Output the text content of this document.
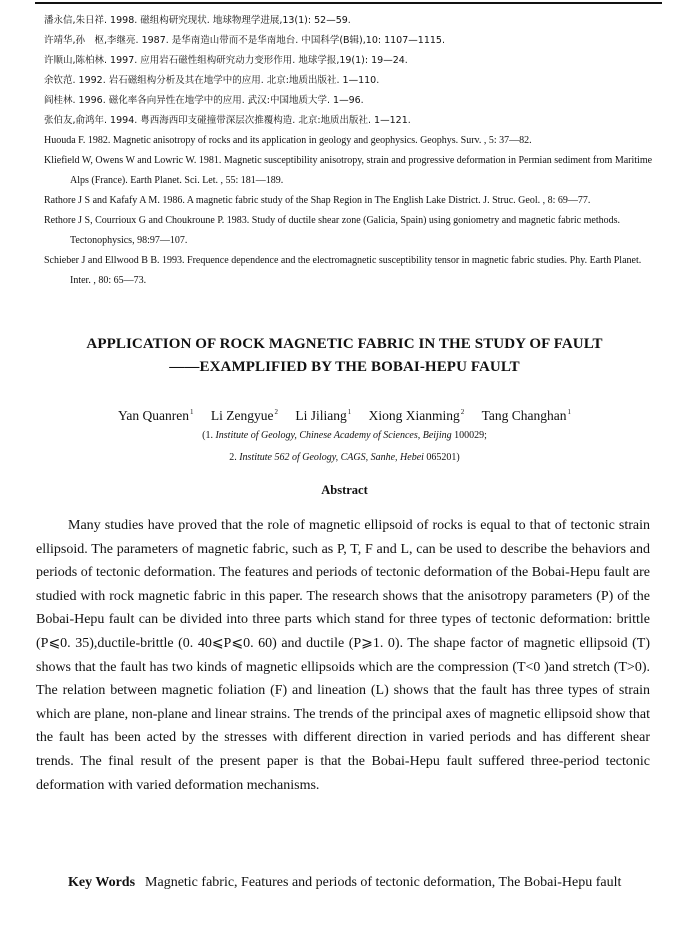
潘永信,朱日祥. 1998. 磁组构研究现状. 地球物理学进展,13(1): 52—59.

许靖华,孙　枢,李继亮. 1987. 是华南造山带而不是华南地台. 中国科学(B辑),10: 1107—1115.

许顺山,陈柏林. 1997. 应用岩石磁性组构研究动力变形作用. 地球学报,19(1): 19—24.

余钦范. 1992. 岩石磁组构分析及其在地学中的应用. 北京:地质出版社. 1—110.

阎桂林. 1996. 磁化率各向异性在地学中的应用. 武汉:中国地质大学. 1—96.

张伯友,俞鸿年. 1994. 粤西海西印支碰撞带深层次推覆构造. 北京:地质出版社. 1—121.

Huouda F. 1982. Magnetic anisotropy of rocks and its application in geology and geophysics. Geophys. Surv. , 5: 37—82.

Kliefield W, Owens W and Lowric W. 1981. Magnetic susceptibility anisotropy, strain and progressive deformation in Permian sediment from Maritime Alps (France). Earth Planet. Sci. Let. , 55: 181—189.

Rathore J S and Kafafy A M. 1986. A magnetic fabric study of the Shap Region in The English Lake District. J. Struc. Geol. , 8: 69—77.

Rethore J S, Courrioux G and Choukroune P. 1983. Study of ductile shear zone (Galicia, Spain) using goniometry and magnetic fabric methods. Tectonophysics, 98:97—107.

Schieber J and Ellwood B B. 1993. Frequence dependence and the electromagnetic susceptibility tensor in magnetic fabric studies. Phy. Earth Planet. Inter. , 80: 65—73.

APPLICATION OF ROCK MAGNETIC FABRIC IN THE STUDY OF FAULT
——EXAMPLIFIED BY THE BOBAI-HEPU FAULT
Yan Quanren$^1$ Li Zengyue$^2$ Li Jiliang$^1$ Xiong Xianming$^2$ Tang Changhan$^1$
(1. Institute of Geology, Chinese Academy of Sciences, Beijing 100029;
2. Institute 562 of Geology, CAGS, Sanhe, Hebei 065201)
Abstract

Many studies have proved that the role of magnetic ellipsoid of rocks is equal to that of tectonic strain ellipsoid. The parameters of magnetic fabric, such as P, T, F and L, can be used to describe the behaviors and periods of tectonic deformation. The features and periods of tectonic deformation of the Bobai-Hepu fault are studied with rock magnetic fabric in this paper. The research shows that the anisotropy parameters (P) of the Bobai-Hepu fault can be divided into three parts which stand for three types of tectonic deformation: brittle (P⩽0. 35),ductile-brittle (0. 40⩽P⩽0. 60) and ductile (P⩾1. 0). The shape factor of magnetic ellipsoid (T) shows that the fault has two kinds of magnetic ellipsoids which are the compression (T<0 )and stretch (T>0). The relation between magnetic foliation (F) and lineation (L) shows that the fault has three types of strain which are plane, non-plane and linear strains. The trends of the principal axes of magnetic ellipsoid show that the fault has been acted by the stresses with different direction in varied periods and has different shear trends. The final result of the present paper is that the Bobai-Hepu fault suffered three-period tectonic deformation with varied deformation mechanisms.

Key Words Magnetic fabric, Features and periods of tectonic deformation, The Bobai-Hepu fault
